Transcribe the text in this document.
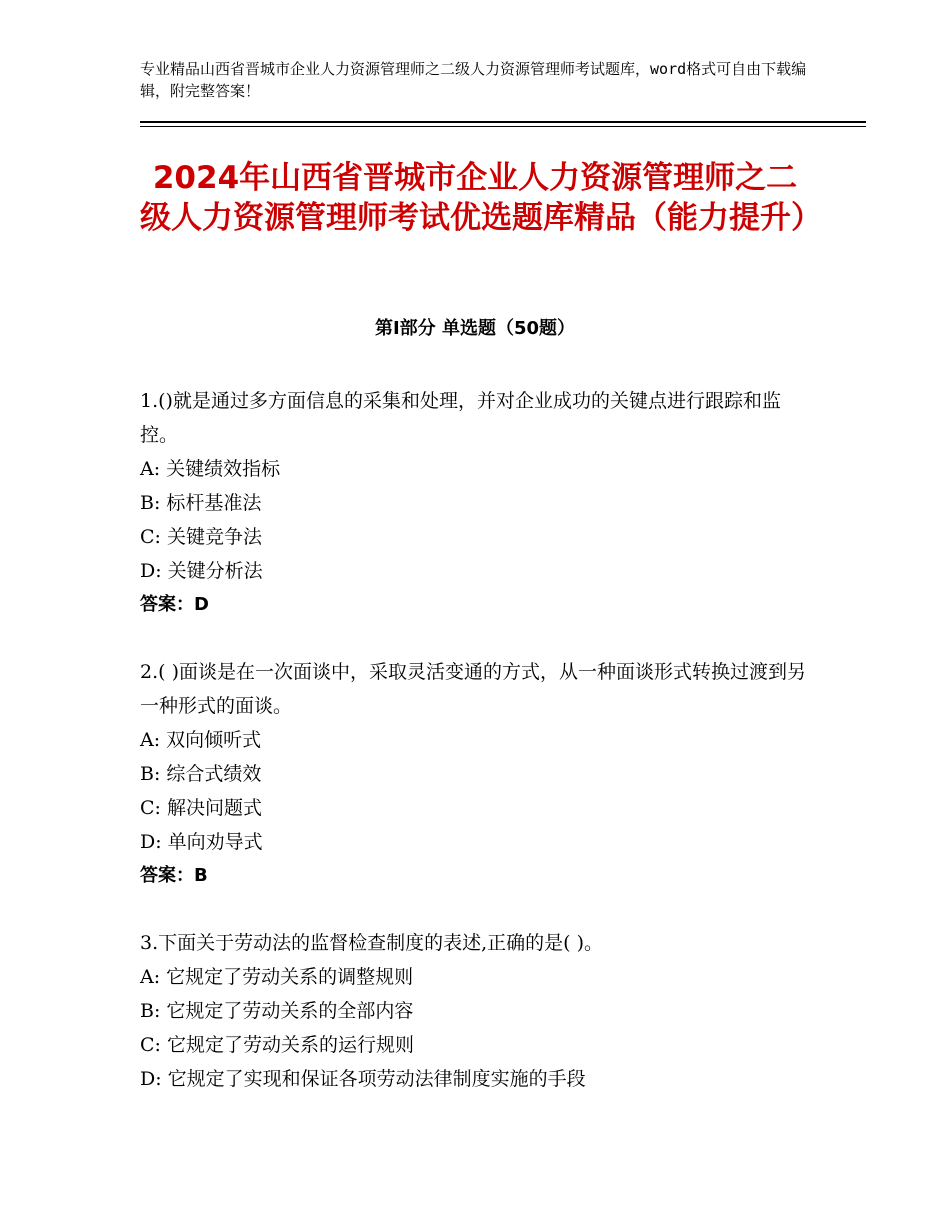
专业精品山西省晋城市企业人力资源管理师之二级人力资源管理师考试题库，word格式可自由下载编辑，附完整答案！
2024年山西省晋城市企业人力资源管理师之二级人力资源管理师考试优选题库精品（能力提升）
第Ⅰ部分 单选题（50题）
1.()就是通过多方面信息的采集和处理，并对企业成功的关键点进行跟踪和监控。
A: 关键绩效指标
B: 标杆基准法
C: 关键竞争法
D: 关键分析法
答案：D
2.( )面谈是在一次面谈中，采取灵活变通的方式，从一种面谈形式转换过渡到另一种形式的面谈。
A: 双向倾听式
B: 综合式绩效
C: 解决问题式
D: 单向劝导式
答案：B
3.下面关于劳动法的监督检查制度的表述,正确的是( )。
A: 它规定了劳动关系的调整规则
B: 它规定了劳动关系的全部内容
C: 它规定了劳动关系的运行规则
D: 它规定了实现和保证各项劳动法律制度实施的手段
